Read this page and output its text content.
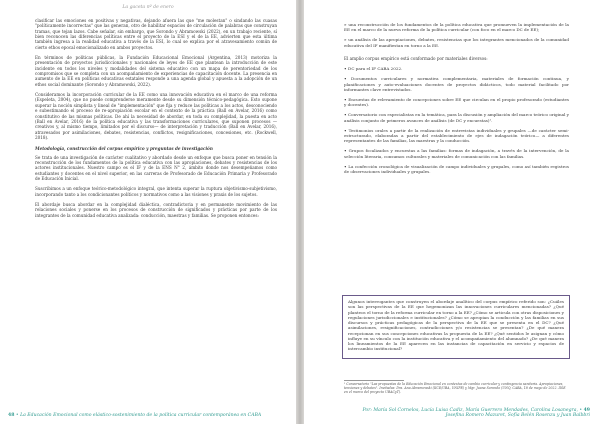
La gaceta nº de enero

clasificar las emociones en positivas y negativas, dejando afuera las que "me molestan" o sindando las cuasas "políticamente incorrectas" que las generan, otro de habilitar espacios de circulación de palabras que construyan tramas, que tejan lazos. Cabe señalar, sin embargo, que Sorondo y Abramowski (2022), en un trabajo reciente, sí bien reconocen las diferencias políticas entre el proyecto de la ESI y el de la EE, advierten que esta última también ingresa a la realidad educativa a través de la ESI, lo cual se explica por el atravesamiento común de cierto ethos epocal emocionalizado en ambos proyectos.

En términos de políticas públicas, la Fundación Educacional Emocional (Argentina, 2013) motoriza la presentación de proyectos jurisdiccionales y nacionales de leyes de EE que plantean la introducción de este incidente en todos los niveles y modalidades del sistema educativo con un mapa de perentoriedad de los compromisos que se completa con un acompañamiento de experiencias de capacitación docente. La presencia en aumento de la EE en políticas educativas estatales responde a una agenda global y apuesta a la adopción de un ethos social dominante (Sorondo y Abramowski, 2022).

Consideramos la incorporación curricular de la EE como una innovación educativa en el marco de una reforma (Espeleta, 2004), que no puede comprenderse meramente desde su dimensión técnico-pedagógica. Esto supone superar la noción simplista y lineal de "implementación" que fija y reduce las políticas a los actos, desconociendo e subestimando el proceso de re-apropiación escolar en el contexto de la práctica (Ball en Avelar, 2016) como constitutivo de las mismas políticas. De ahí la necesidad de abordar, en toda su complejidad, la puesta en acto (Ball en Avelar, 2016) de la política educativa y las transformaciones curriculares, que suponen procesos —creativos y, al mismo tiempo, limitados por el discurso— de interpretación y traducción (Ball en Avelar, 2016), atravesados por asimilaciones, debates, resistencias, conflictos, resignificaciones, concesiones, etc. (Rockwell, 2018).

Metodología, construcción del corpus empírico y preguntas de investigación

Se trata de una investigación de carácter cualitativo y abordado desde un enfoque que busca poner en tensión la reconstrucción de los fundamentos de la política educativa con las apropiaciones, debates y resistencias de los actores institucionales. Nuestro campo es el IF y de la ENS N° 2, ámbito donde nos desempeñamos como estudiantes y docentes en el nivel superior, en las carreras de Profesorado de Educación Primaria y Profesorado de Educación Inicial.

Suscribimos a un enfoque teórico-metodológico integral, que intenta superar la ruptura objetivismo-subjetivismo, incorporando tanto a los condicionantes políticos y normativos como a las visiones y praxis de los sujetos.

El abordaje busca abordar en la complejidad dialéctica, contradictoria y en permanente movimiento de las relaciones sociales y ponerse en los procesos de construcción de significados y prácticas por parte de los integrantes de la comunidad educativa analizada: conducción, maestras y familias. Se proponen entonces:

48 • La Educación Emocional como elástico-sostenimiento de la política curricular contemporánea en CABA
» una reconstrucción de los fundamentos de la política educativa que promueven la implementación de la EE en el marco de la nueva reforma de la política curricular (con foco en el marco DC de EE);
» un análisis de las apropiaciones, debates, resistencias que los integrantes mencionados de la comunidad educativa del IF manifiestan en torno a la EE.

El amplio corpus empírico está conformado por materiales diversos:

• DC para el IF CABA 2022.
• Documentos curriculares y normativa complementaria, materiales de formación continua, y planificaciones y auto-evaluaciones docentes de proyectos didácticos, todo material facilitado por informantes clave entrevistados.
• Encuestas de relevamiento de concepciones sobre EE que circulan en el propio profesorado (estudiantes y docentes).
• Conversatorio con especialistas en la temática, para la discusión y ampliación del marco teórico original y análisis conjunto de primeros avances de análisis (de DC y encuestas)¹.
• Testimonios orales a partir de la realización de entrevistas individuales y grupales —de carácter semi-estructurado, elaboradas a partir del establecimiento de ejes de indagación teórico— a diferentes representantes de las familias, las maestras y la conducción.
• Grupos focalizados y encuestas a las familias: formas de indagación, a través de la intervención, de la selección literaria, consumos culturales y materiales de comunicación con las familias.
• La confección cronológica de visualización de campo individuales y grupales, como así también registros de observaciones individuales y grupales.

Algunos interrogantes que construyen el abordaje analítico del corpus empírico referido son: ¿Cuáles son las perspectivas de la EE que hegemonizan las innovaciones curriculares mencionadas? ¿Qué planteos el torno de la reforma curricular en torno a la EE? ¿Cómo se articula con otras disposiciones y regulaciones jurisdiccionales e institucionales? ¿Cómo se apropian la conducción y las familias en sus discursos y prácticas pedagógicas de la perspectiva de la EE que se presenta en el DC? ¿Qué asimilaciones, resignificaciones, contradicciones y/o resistencias se presentan? ¿De qué manera recepcionan en sus concepciones educativas la propuesta de la EE? ¿Qué sentidos le asignan y cómo influye en su vínculo con la institución educativa y el acompañamiento del alumnado? ¿De qué manera los lineamientos de la EE aparecen en las instancias de capacitación en servicio y espacios de intercambio institucional?

¹ Conversatorio "Las propuestas de la Educación Emocional en contextos de cambio curricular y contingencia sanitaria. Apropiaciones, tensiones y debates". Invitadas: Dra. Ana Abramowski (IICE/UBA, UNIPE) y Mgr. Juana Sorondo (UNQ, CABA, 18 de mayo de 2022. IISE en el marco del proyecto UBACyT).
Por: María Sol Cornelos, Lucía Luisa Cadiz, María Guerrero Mendades, Carolina Losanegra, • 49
Josefina Romero Mazuret, Sofía Belén Rosenzu y Juan Balbbri
